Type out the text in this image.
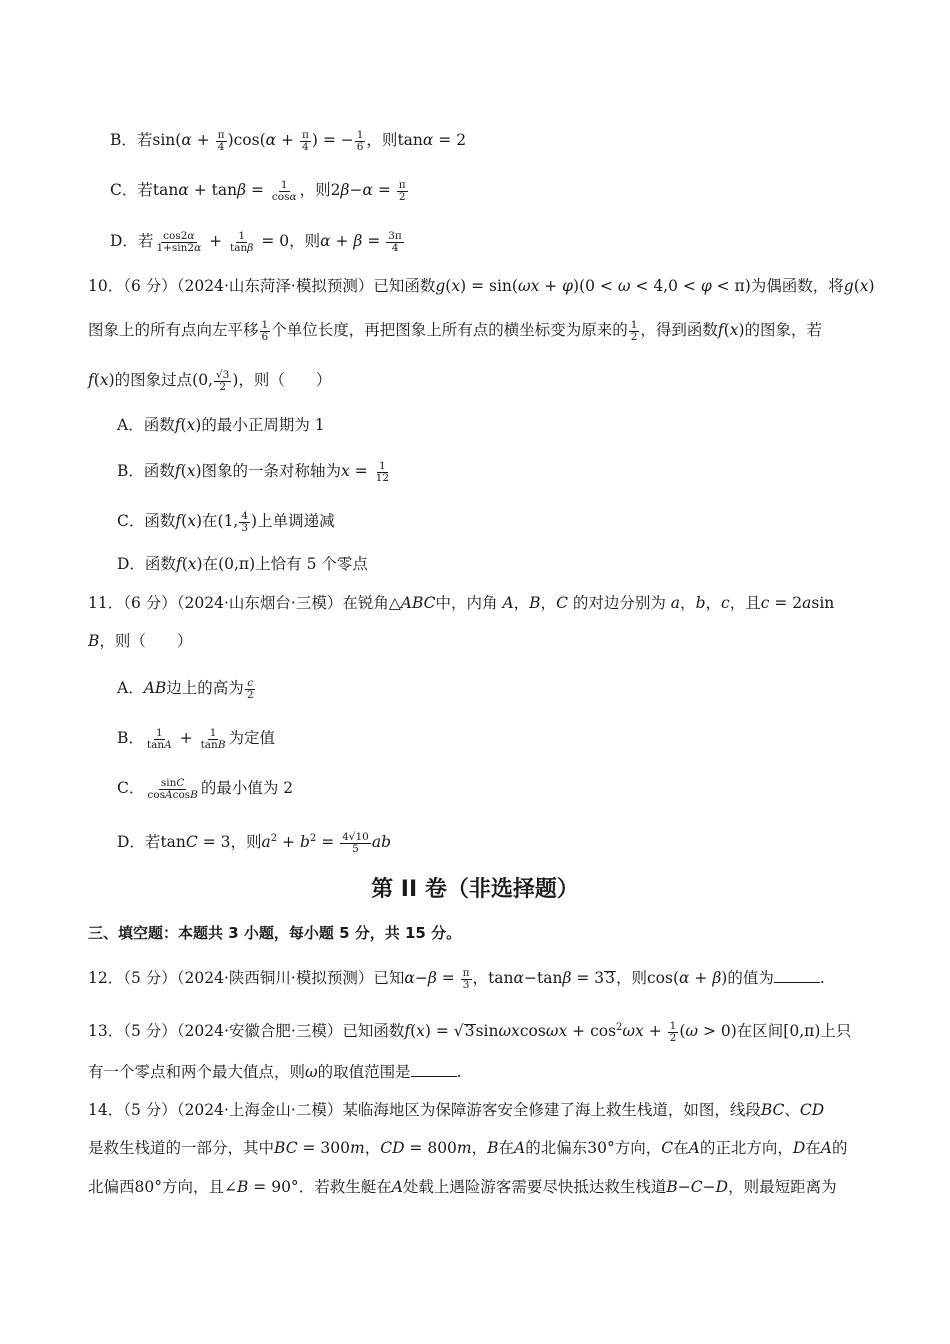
B．若$\sin(\alpha + \frac{\pi}{4} )\cos(\alpha + \frac{\pi}{4}$ ) = − $\frac{1}{6}$ ，则tanα = 2
C．若$\tan\alpha + \tan\beta = \frac{1}{\cos\alpha}$ ，则$2\beta-\alpha = \frac{\pi}{2}$
D．若 $\frac{\cos 2\alpha}{1+\sin 2\alpha} + \frac{1}{\tan\beta} = 0$，则$\alpha + \beta = \frac{3\pi}{4}$
10．（6 分）（2024·山东菏泽·模拟预测）已知函数g(x) = sin(ωx + φ)(0 < ω < 4,0 < φ < π)为偶函数，将g(x)
图象上的所有点向左平移 $\frac{1}{6}$ 个单位长度，再把图象上所有点的横坐标变为原来的 $\frac{1}{2}$ ，得到函数f(x)的图象，若
f(x)的图象过点(0, $\frac{√3}{2}$ )，则（　　）
A．函数f(x)的最小正周期为 1
B．函数f(x)图象的一条对称轴为$x = \frac{1}{12}$
C．函数f(x)在(1, $\frac{4}{3}$ )上单调递减
D．函数f(x)在(0,π)上恰有 5 个零点
11．（6 分）（2024·山东烟台·三模）在锐角△ABC中，内角 A，B，C 的对边分别为 a，b，c，且c = 2asin
B，则（　　）
A．AB边上的高为 $\frac{c}{2}$
B． $\frac{1}{\tan A} + \frac{1}{\tan B}$ 为定值
C． $\frac{\sin C}{\text{cosAcosB}}$ 的最小值为 2
D．若tanC = 3，则$a^2 + b^2 = \frac{4√10}{5}$ ab
第 II 卷（非选择题）
三、填空题：本题共 3 小题，每小题 5 分，共 15 分。
12．（5 分）（2024·陕西铜川·模拟预测）已知$\alpha-\beta = \frac{\pi}{3}$ ，tanα−tanβ = 33，则cos(α + β)的值为	.
13．（5 分）（2024·安徽合肥·三模）已知函数$f(x) = √3\sin\omega xcos\omega x + \cos^2\omega x + \frac{1}{2} (\omega > 0)$在区间[0,π)上只
有一个零点和两个最大值点，则ω的取值范围是	.
14．（5 分）（2024·上海金山·二模）某临海地区为保障游客安全修建了海上救生栈道，如图，线段BC、CD
是救生栈道的一部分，其中BC = 300m，CD = 800m，B在A的北偏东30°方向，C在A的正北方向，D在A的
北偏西80°方向，且∠B = 90°．若救生艇在A处载上遇险游客需要尽快抵达救生栈道B−C−D，则最短距离为
